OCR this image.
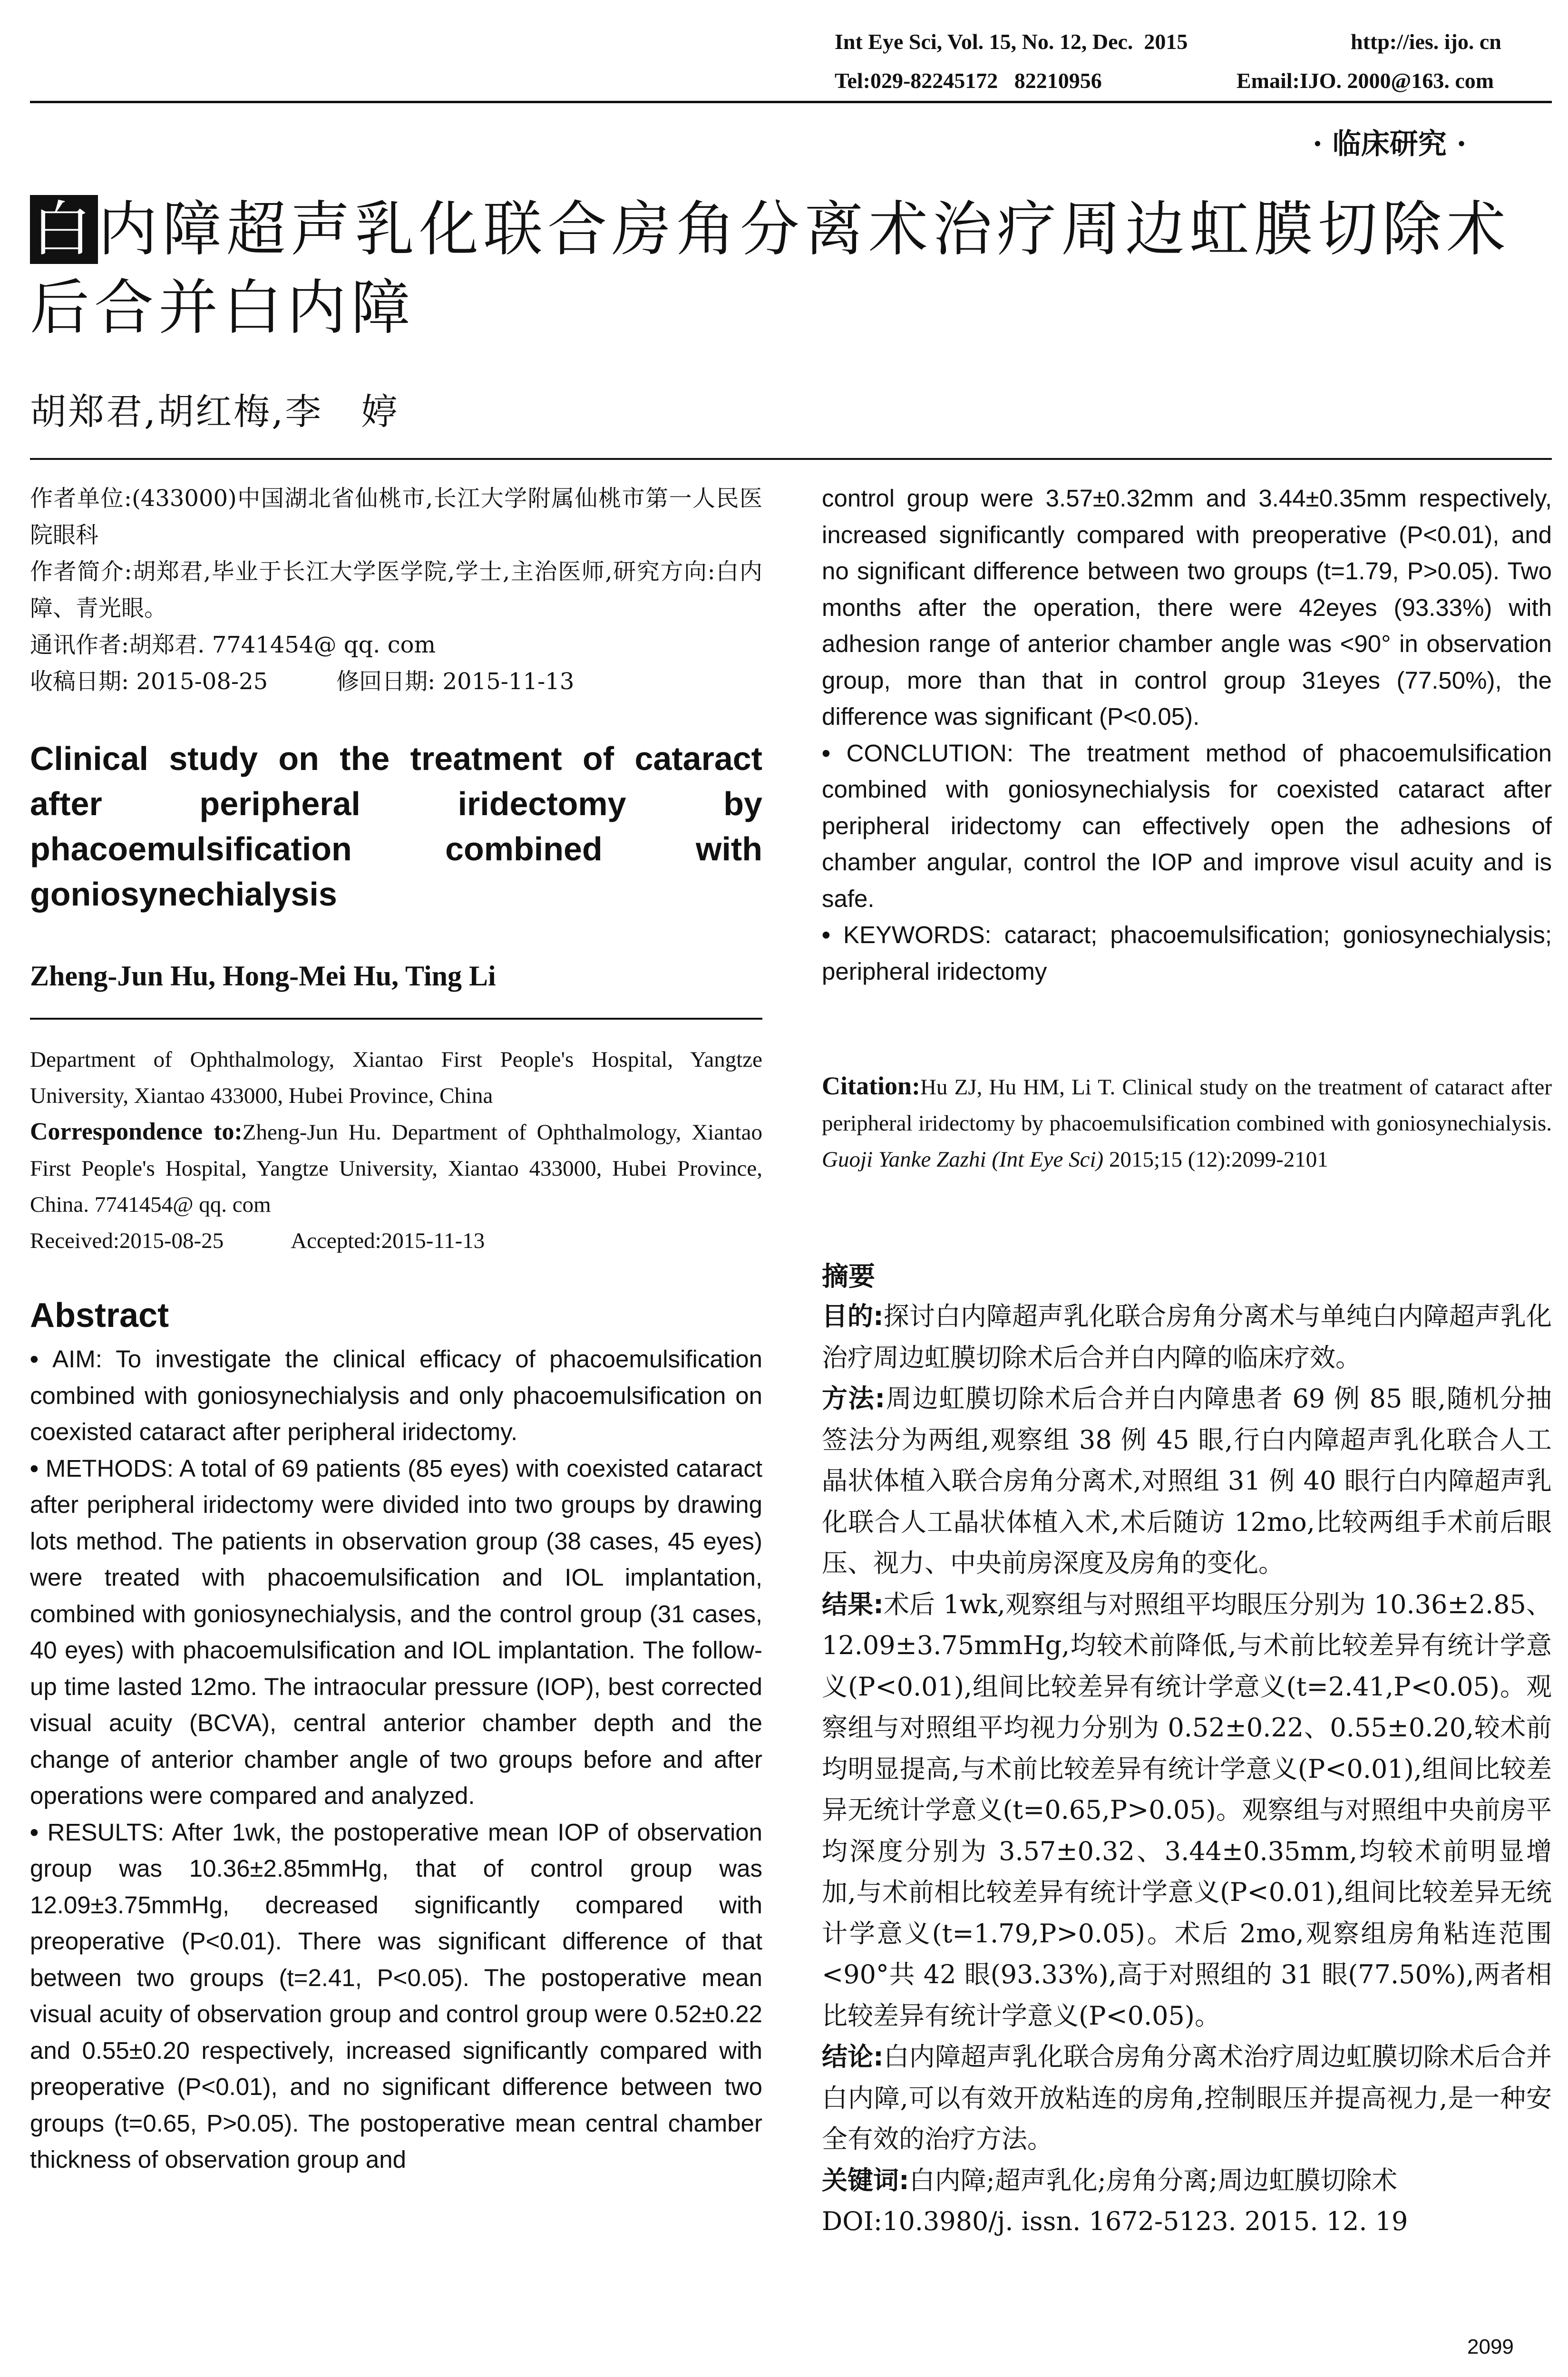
Int Eye Sci, Vol. 15, No. 12, Dec.  2015	http://ies. ijo. cn
Tel:029-82245172   82210956	Email:IJO. 2000@163. com
· 临床研究 ·
白内障超声乳化联合房角分离术治疗周边虹膜切除术后合并白内障
胡郑君,胡红梅,李　婷

作者单位:(433000)中国湖北省仙桃市,长江大学附属仙桃市第一人民医院眼科

作者简介:胡郑君,毕业于长江大学医学院,学士,主治医师,研究方向:白内障、青光眼。

通讯作者:胡郑君. 7741454@ qq. com

收稿日期: 2015-08-25　　　修回日期: 2015-11-13

Clinical study on the treatment of cataract after peripheral iridectomy by phacoemulsification combined with goniosynechialysis
Zheng-Jun Hu, Hong-Mei Hu, Ting Li

Department of Ophthalmology, Xiantao First People's Hospital, Yangtze University, Xiantao 433000, Hubei Province, China

Correspondence to:Zheng-Jun Hu. Department of Ophthalmology, Xiantao First People's Hospital, Yangtze University, Xiantao 433000, Hubei Province, China. 7741454@ qq. com

Received:2015-08-25　　　Accepted:2015-11-13

Abstract

• AIM: To investigate the clinical efficacy of phacoemulsification combined with goniosynechialysis and only phacoemulsification on coexisted cataract after peripheral iridectomy.

• METHODS: A total of 69 patients (85 eyes) with coexisted cataract after peripheral iridectomy were divided into two groups by drawing lots method. The patients in observation group (38 cases, 45 eyes) were treated with phacoemulsification and IOL implantation, combined with goniosynechialysis, and the control group (31 cases, 40 eyes) with phacoemulsification and IOL implantation. The follow-up time lasted 12mo. The intraocular pressure (IOP), best corrected visual acuity (BCVA), central anterior chamber depth and the change of anterior chamber angle of two groups before and after operations were compared and analyzed.

• RESULTS: After 1wk, the postoperative mean IOP of observation group was 10.36±2.85mmHg, that of control group was 12.09±3.75mmHg, decreased significantly compared with preoperative (P<0.01). There was significant difference of that between two groups (t=2.41, P<0.05). The postoperative mean visual acuity of observation group and control group were 0.52±0.22 and 0.55±0.20 respectively, increased significantly compared with preoperative (P<0.01), and no significant difference between two groups (t=0.65, P>0.05). The postoperative mean central chamber thickness of observation group and

control group were 3.57±0.32mm and 3.44±0.35mm respectively, increased significantly compared with preoperative (P<0.01), and no significant difference between two groups (t=1.79, P>0.05). Two months after the operation, there were 42eyes (93.33%) with adhesion range of anterior chamber angle was <90° in observation group, more than that in control group 31eyes (77.50%), the difference was significant (P<0.05).

• CONCLUTION: The treatment method of phacoemulsification combined with goniosynechialysis for coexisted cataract after peripheral iridectomy can effectively open the adhesions of chamber angular, control the IOP and improve visul acuity and is safe.

• KEYWORDS: cataract; phacoemulsification; goniosynechialysis; peripheral iridectomy

Citation:Hu ZJ, Hu HM, Li T. Clinical study on the treatment of cataract after peripheral iridectomy by phacoemulsification combined with goniosynechialysis. Guoji Yanke Zazhi (Int Eye Sci) 2015;15 (12):2099-2101
摘要

目的:探讨白内障超声乳化联合房角分离术与单纯白内障超声乳化治疗周边虹膜切除术后合并白内障的临床疗效。

方法:周边虹膜切除术后合并白内障患者 69 例 85 眼,随机分抽签法分为两组,观察组 38 例 45 眼,行白内障超声乳化联合人工晶状体植入联合房角分离术,对照组 31 例 40 眼行白内障超声乳化联合人工晶状体植入术,术后随访 12mo,比较两组手术前后眼压、视力、中央前房深度及房角的变化。

结果:术后 1wk,观察组与对照组平均眼压分别为 10.36±2.85、12.09±3.75mmHg,均较术前降低,与术前比较差异有统计学意义(P<0.01),组间比较差异有统计学意义(t=2.41,P<0.05)。观察组与对照组平均视力分别为 0.52±0.22、0.55±0.20,较术前均明显提高,与术前比较差异有统计学意义(P<0.01),组间比较差异无统计学意义(t=0.65,P>0.05)。观察组与对照组中央前房平均深度分别为 3.57±0.32、3.44±0.35mm,均较术前明显增加,与术前相比较差异有统计学意义(P<0.01),组间比较差异无统计学意义(t=1.79,P>0.05)。术后 2mo,观察组房角粘连范围<90°共 42 眼(93.33%),高于对照组的 31 眼(77.50%),两者相比较差异有统计学意义(P<0.05)。

结论:白内障超声乳化联合房角分离术治疗周边虹膜切除术后合并白内障,可以有效开放粘连的房角,控制眼压并提高视力,是一种安全有效的治疗方法。

关键词:白内障;超声乳化;房角分离;周边虹膜切除术

DOI:10.3980/j. issn. 1672-5123. 2015. 12. 19

2099
